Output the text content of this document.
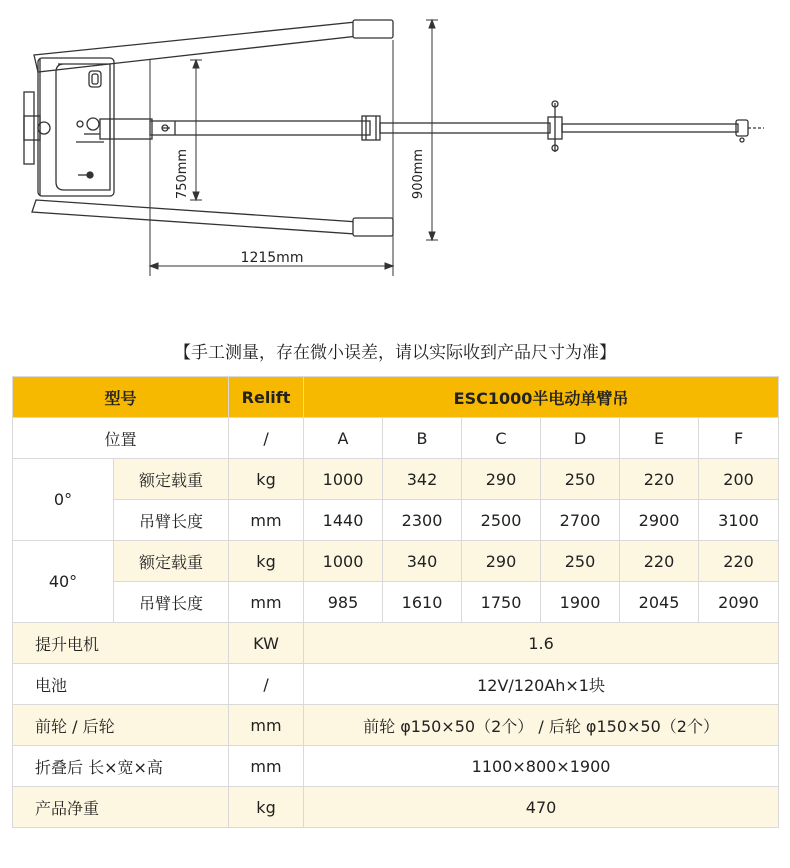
1215mm
750mm	900mm
【手工测量，存在微小误差，请以实际收到产品尺寸为准】
型号		Relift	ESC1000半电动单臂吊					
位置		/	A	B	C	D	E	F
0°	额定载重	kg	1000	342	290	250	220	200
	吊臂长度	mm	1440	2300	2500	2700	2900	3100
40°	额定载重	kg	1000	340	290	250	220	220
	吊臂长度	mm	985	1610	1750	1900	2045	2090
提升电机		KW	1.6					
电池		/	12V/120Ah×1块					
前轮 / 后轮		mm	前轮 φ150×50（2个） / 后轮 φ150×50（2个）					
折叠后 长×宽×高		mm	1100×800×1900					
产品净重		kg	470					
